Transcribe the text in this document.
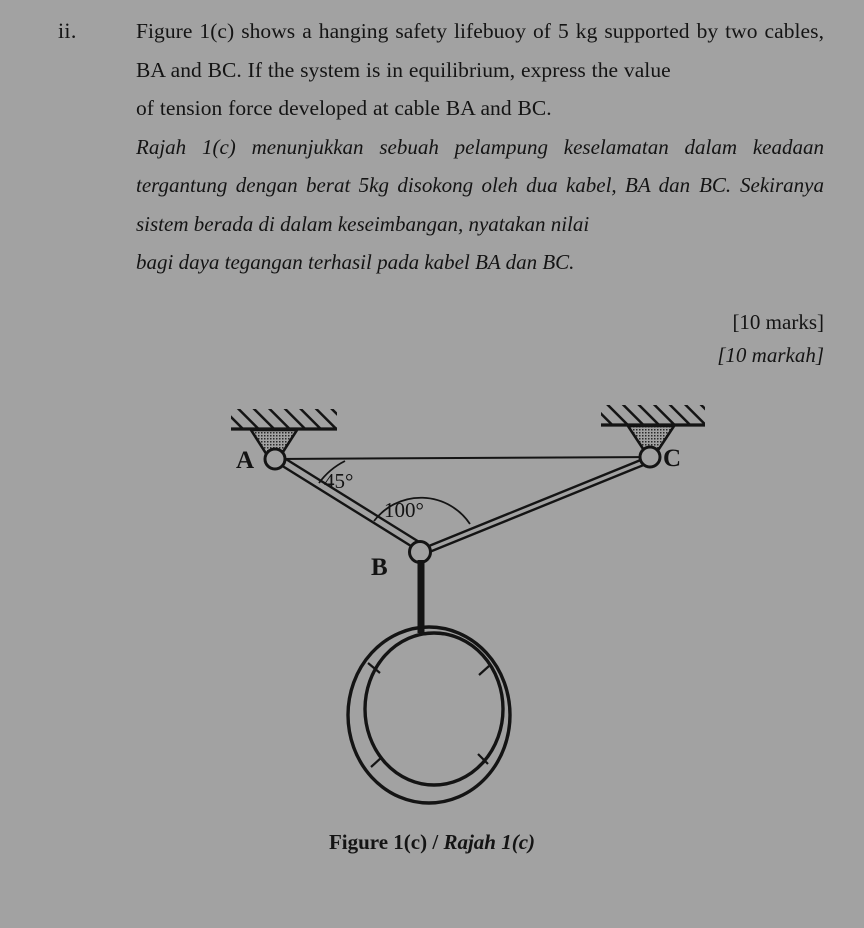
ii.	Figure 1(c) shows a hanging safety lifebuoy of 5 kg supported by two cables, BA and BC. If the system is in equilibrium, express the value
of tension force developed at cable BA and BC.

Rajah 1(c) menunjukkan sebuah pelampung keselamatan dalam keadaan tergantung dengan berat 5kg disokong oleh dua kabel, BA dan BC. Sekiranya sistem berada di dalam keseimbangan, nyatakan nilai
bagi daya tegangan terhasil pada kabel BA dan BC.

[10 marks]
[10 markah]
45°
100°
A	C
B
Figure 1(c) / Rajah 1(c)
